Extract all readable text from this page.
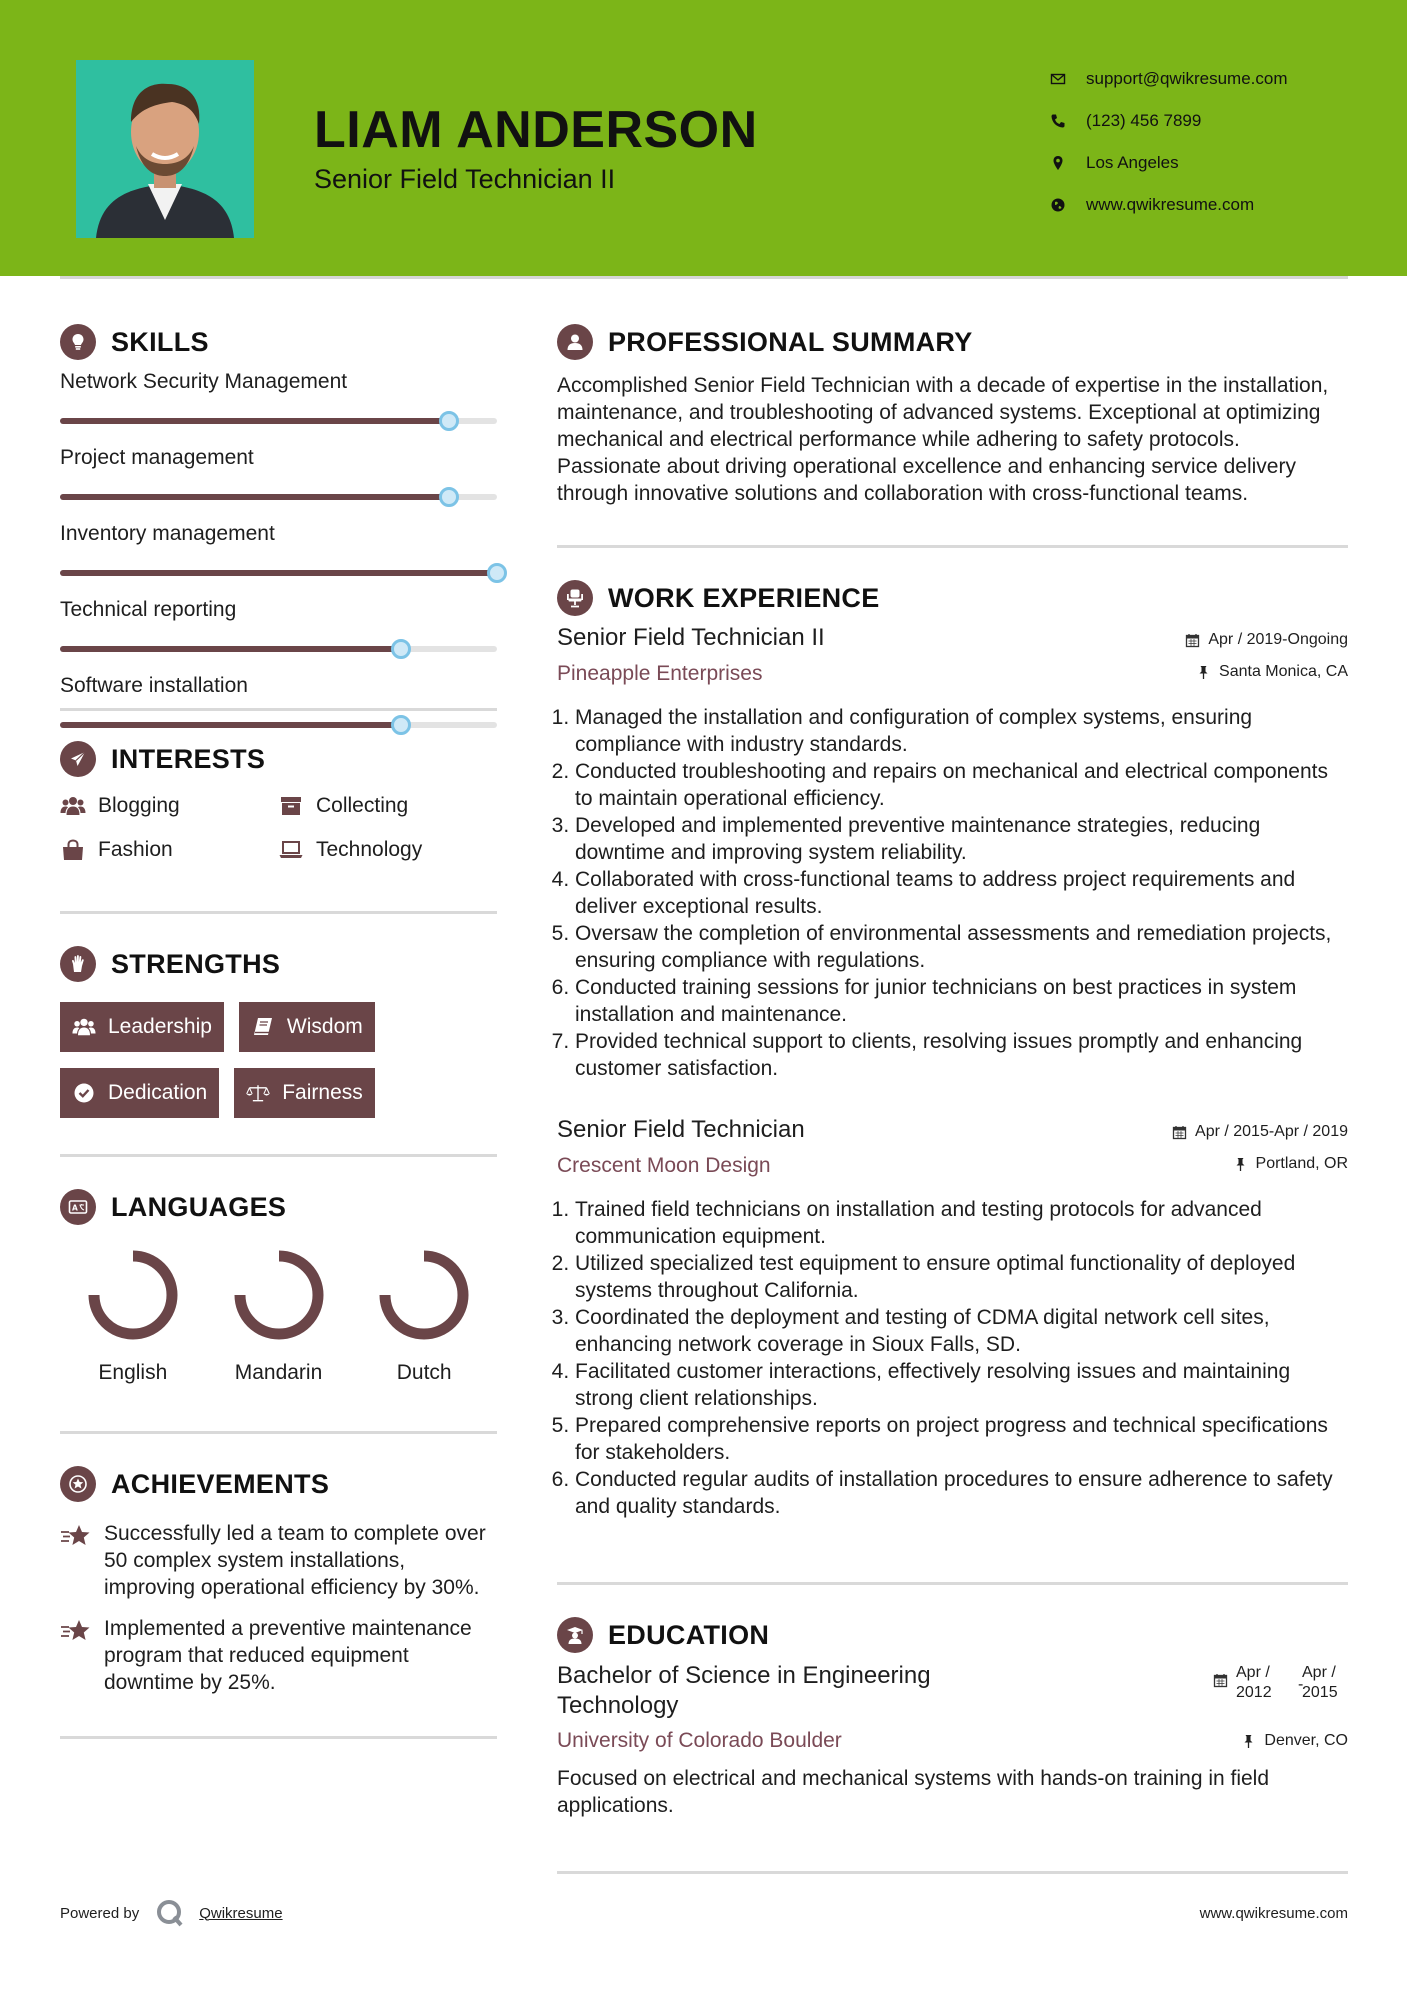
LIAM ANDERSON
Senior Field Technician II
support@qwikresume.com
(123) 456 7899
Los Angeles
www.qwikresume.com
SKILLS
Network Security Management
Project management
Inventory management
Technical reporting
Software installation
INTERESTS
Blogging	Collecting
Fashion	Technology
STRENGTHS
Leadership	Wisdom
Dedication	Fairness
A LANGUAGES
English	Mandarin	Dutch
ACHIEVEMENTS
Successfully led a team to complete over 50 complex system installations, improving operational efficiency by 30%.
Implemented a preventive maintenance program that reduced equipment downtime by 25%.
PROFESSIONAL SUMMARY
Accomplished Senior Field Technician with a decade of expertise in the installation, maintenance, and troubleshooting of advanced systems. Exceptional at optimizing mechanical and electrical performance while adhering to safety protocols. Passionate about driving operational excellence and enhancing service delivery through innovative solutions and collaboration with cross-functional teams.
WORK EXPERIENCE
Senior Field Technician II
Pineapple Enterprises
Apr / 2019-Ongoing
Santa Monica, CA
1. Managed the installation and configuration of complex systems, ensuring compliance with industry standards.
2. Conducted troubleshooting and repairs on mechanical and electrical components to maintain operational efficiency.
3. Developed and implemented preventive maintenance strategies, reducing downtime and improving system reliability.
4. Collaborated with cross-functional teams to address project requirements and deliver exceptional results.
5. Oversaw the completion of environmental assessments and remediation projects, ensuring compliance with regulations.
6. Conducted training sessions for junior technicians on best practices in system installation and maintenance.
7. Provided technical support to clients, resolving issues promptly and enhancing customer satisfaction.
Senior Field Technician
Crescent Moon Design
Apr / 2015-Apr / 2019
Portland, OR
1. Trained field technicians on installation and testing protocols for advanced communication equipment.
2. Utilized specialized test equipment to ensure optimal functionality of deployed systems throughout California.
3. Coordinated the deployment and testing of CDMA digital network cell sites, enhancing network coverage in Sioux Falls, SD.
4. Facilitated customer interactions, effectively resolving issues and maintaining strong client relationships.
5. Prepared comprehensive reports on project progress and technical specifications for stakeholders.
6. Conducted regular audits of installation procedures to ensure adherence to safety and quality standards.
EDUCATION
Bachelor of Science in Engineering Technology
University of Colorado Boulder
Apr /
2012	-
Apr /
2015
Denver, CO
Focused on electrical and mechanical systems with hands-on training in field applications.
Powered by	Qwikresume	www.qwikresume.com
